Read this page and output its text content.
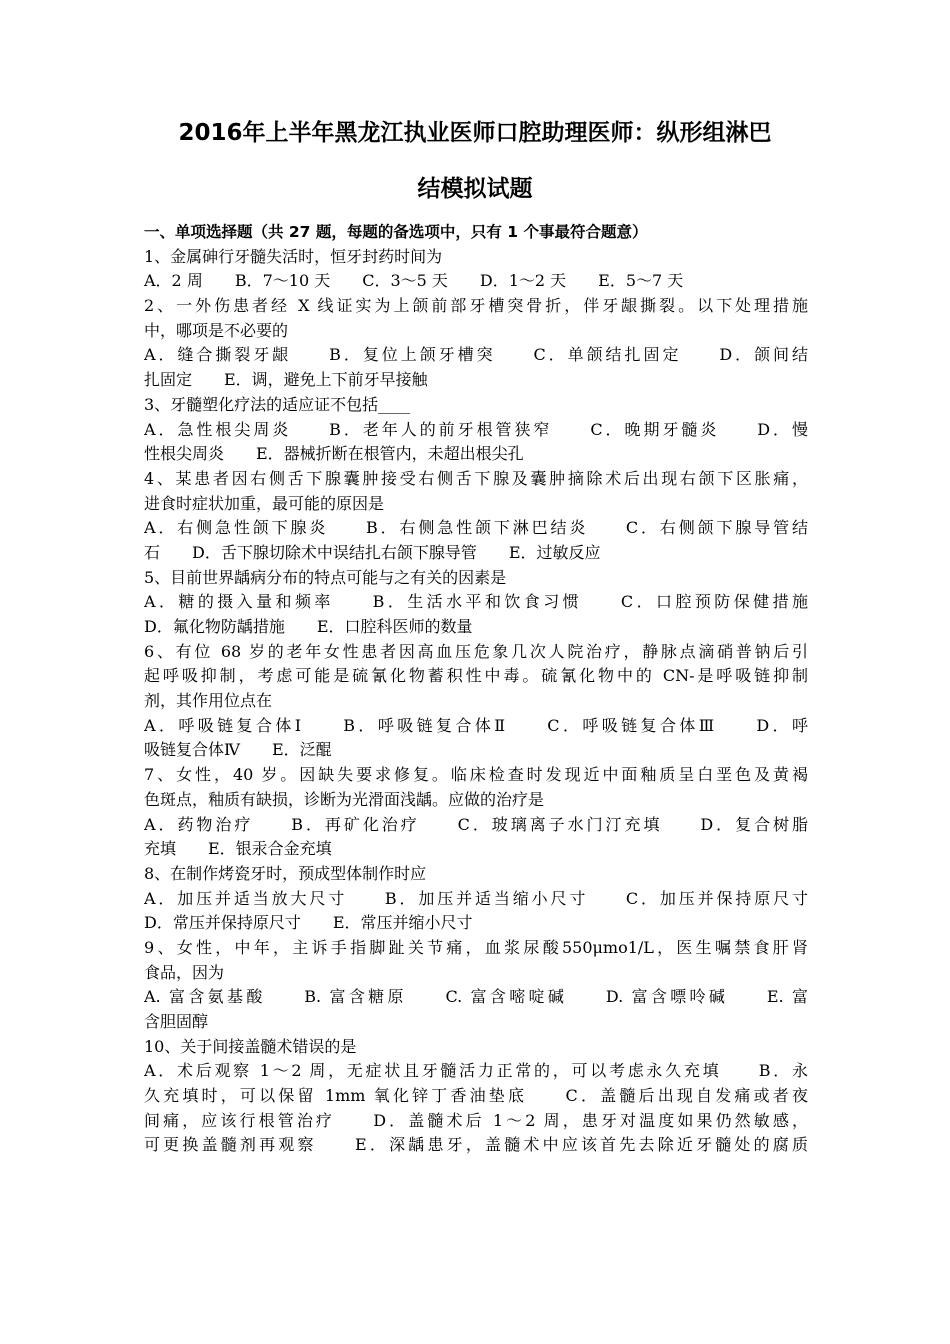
2016年上半年黑龙江执业医师口腔助理医师：纵形组淋巴
结模拟试题
一、单项选择题（共 27 题，每题的备选项中，只有 1 个事最符合题意）
1、金属砷行牙髓失活时，恒牙封药时间为
A．2 周　　B．7～10 天　　C．3～5 天　　D．1～2 天　　E．5～7 天
2、一外伤患者经 X 线证实为上颌前部牙槽突骨折，伴牙龈撕裂。以下处理措施
中，哪项是不必要的
A．缝合撕裂牙龈　　B．复位上颌牙槽突　　C．单颌结扎固定　　D．颌间结
扎固定　　E．调，避免上下前牙早接触
3、牙髓塑化疗法的适应证不包括____
A．急性根尖周炎　　B．老年人的前牙根管狭窄　　C．晚期牙髓炎　　D．慢
性根尖周炎　　E．器械折断在根管内，未超出根尖孔
4、某患者因右侧舌下腺囊肿接受右侧舌下腺及囊肿摘除术后出现右颌下区胀痛，
进食时症状加重，最可能的原因是
A．右侧急性颌下腺炎　　B．右侧急性颌下淋巴结炎　　C．右侧颌下腺导管结
石　　D．舌下腺切除术中误结扎右颌下腺导管　　E．过敏反应
5、目前世界龋病分布的特点可能与之有关的因素是
A．糖的摄入量和频率　　B．生活水平和饮食习惯　　C．口腔预防保健措施
D．氟化物防龋措施　　E．口腔科医师的数量
6、有位 68 岁的老年女性患者因高血压危象几次人院治疗，静脉点滴硝普钠后引
起呼吸抑制，考虑可能是硫氰化物蓄积性中毒。硫氰化物中的 CN-是呼吸链抑制
剂，其作用位点在
A．呼吸链复合体Ⅰ　　B．呼吸链复合体Ⅱ　　C．呼吸链复合体Ⅲ　　D．呼
吸链复合体Ⅳ　　E．泛醌
7、女性，40 岁。因缺失要求修复。临床检查时发现近中面釉质呈白垩色及黄褐
色斑点，釉质有缺损，诊断为光滑面浅龋。应做的治疗是
A．药物治疗　　B．再矿化治疗　　C．玻璃离子水门汀充填　　D．复合树脂
充填　　E．银汞合金充填
8、在制作烤瓷牙时，预成型体制作时应
A．加压并适当放大尺寸　　B．加压并适当缩小尺寸　　C．加压并保持原尺寸
D．常压并保持原尺寸　　E．常压并缩小尺寸
9、女性，中年，主诉手指脚趾关节痛，血浆尿酸550μmo1/L，医生嘱禁食肝肾
食品，因为
A. 富含氨基酸　　B. 富含糖原　　C. 富含嘧啶碱　　D. 富含嘌呤碱　　E. 富
含胆固醇
10、关于间接盖髓术错误的是
A．术后观察 1～2 周，无症状且牙髓活力正常的，可以考虑永久充填　　B．永
久充填时，可以保留 1mm 氧化锌丁香油垫底　　C．盖髓后出现自发痛或者夜
间痛，应该行根管治疗　　D．盖髓术后 1～2 周，患牙对温度如果仍然敏感，
可更换盖髓剂再观察　　E．深龋患牙，盖髓术中应该首先去除近牙髓处的腐质
